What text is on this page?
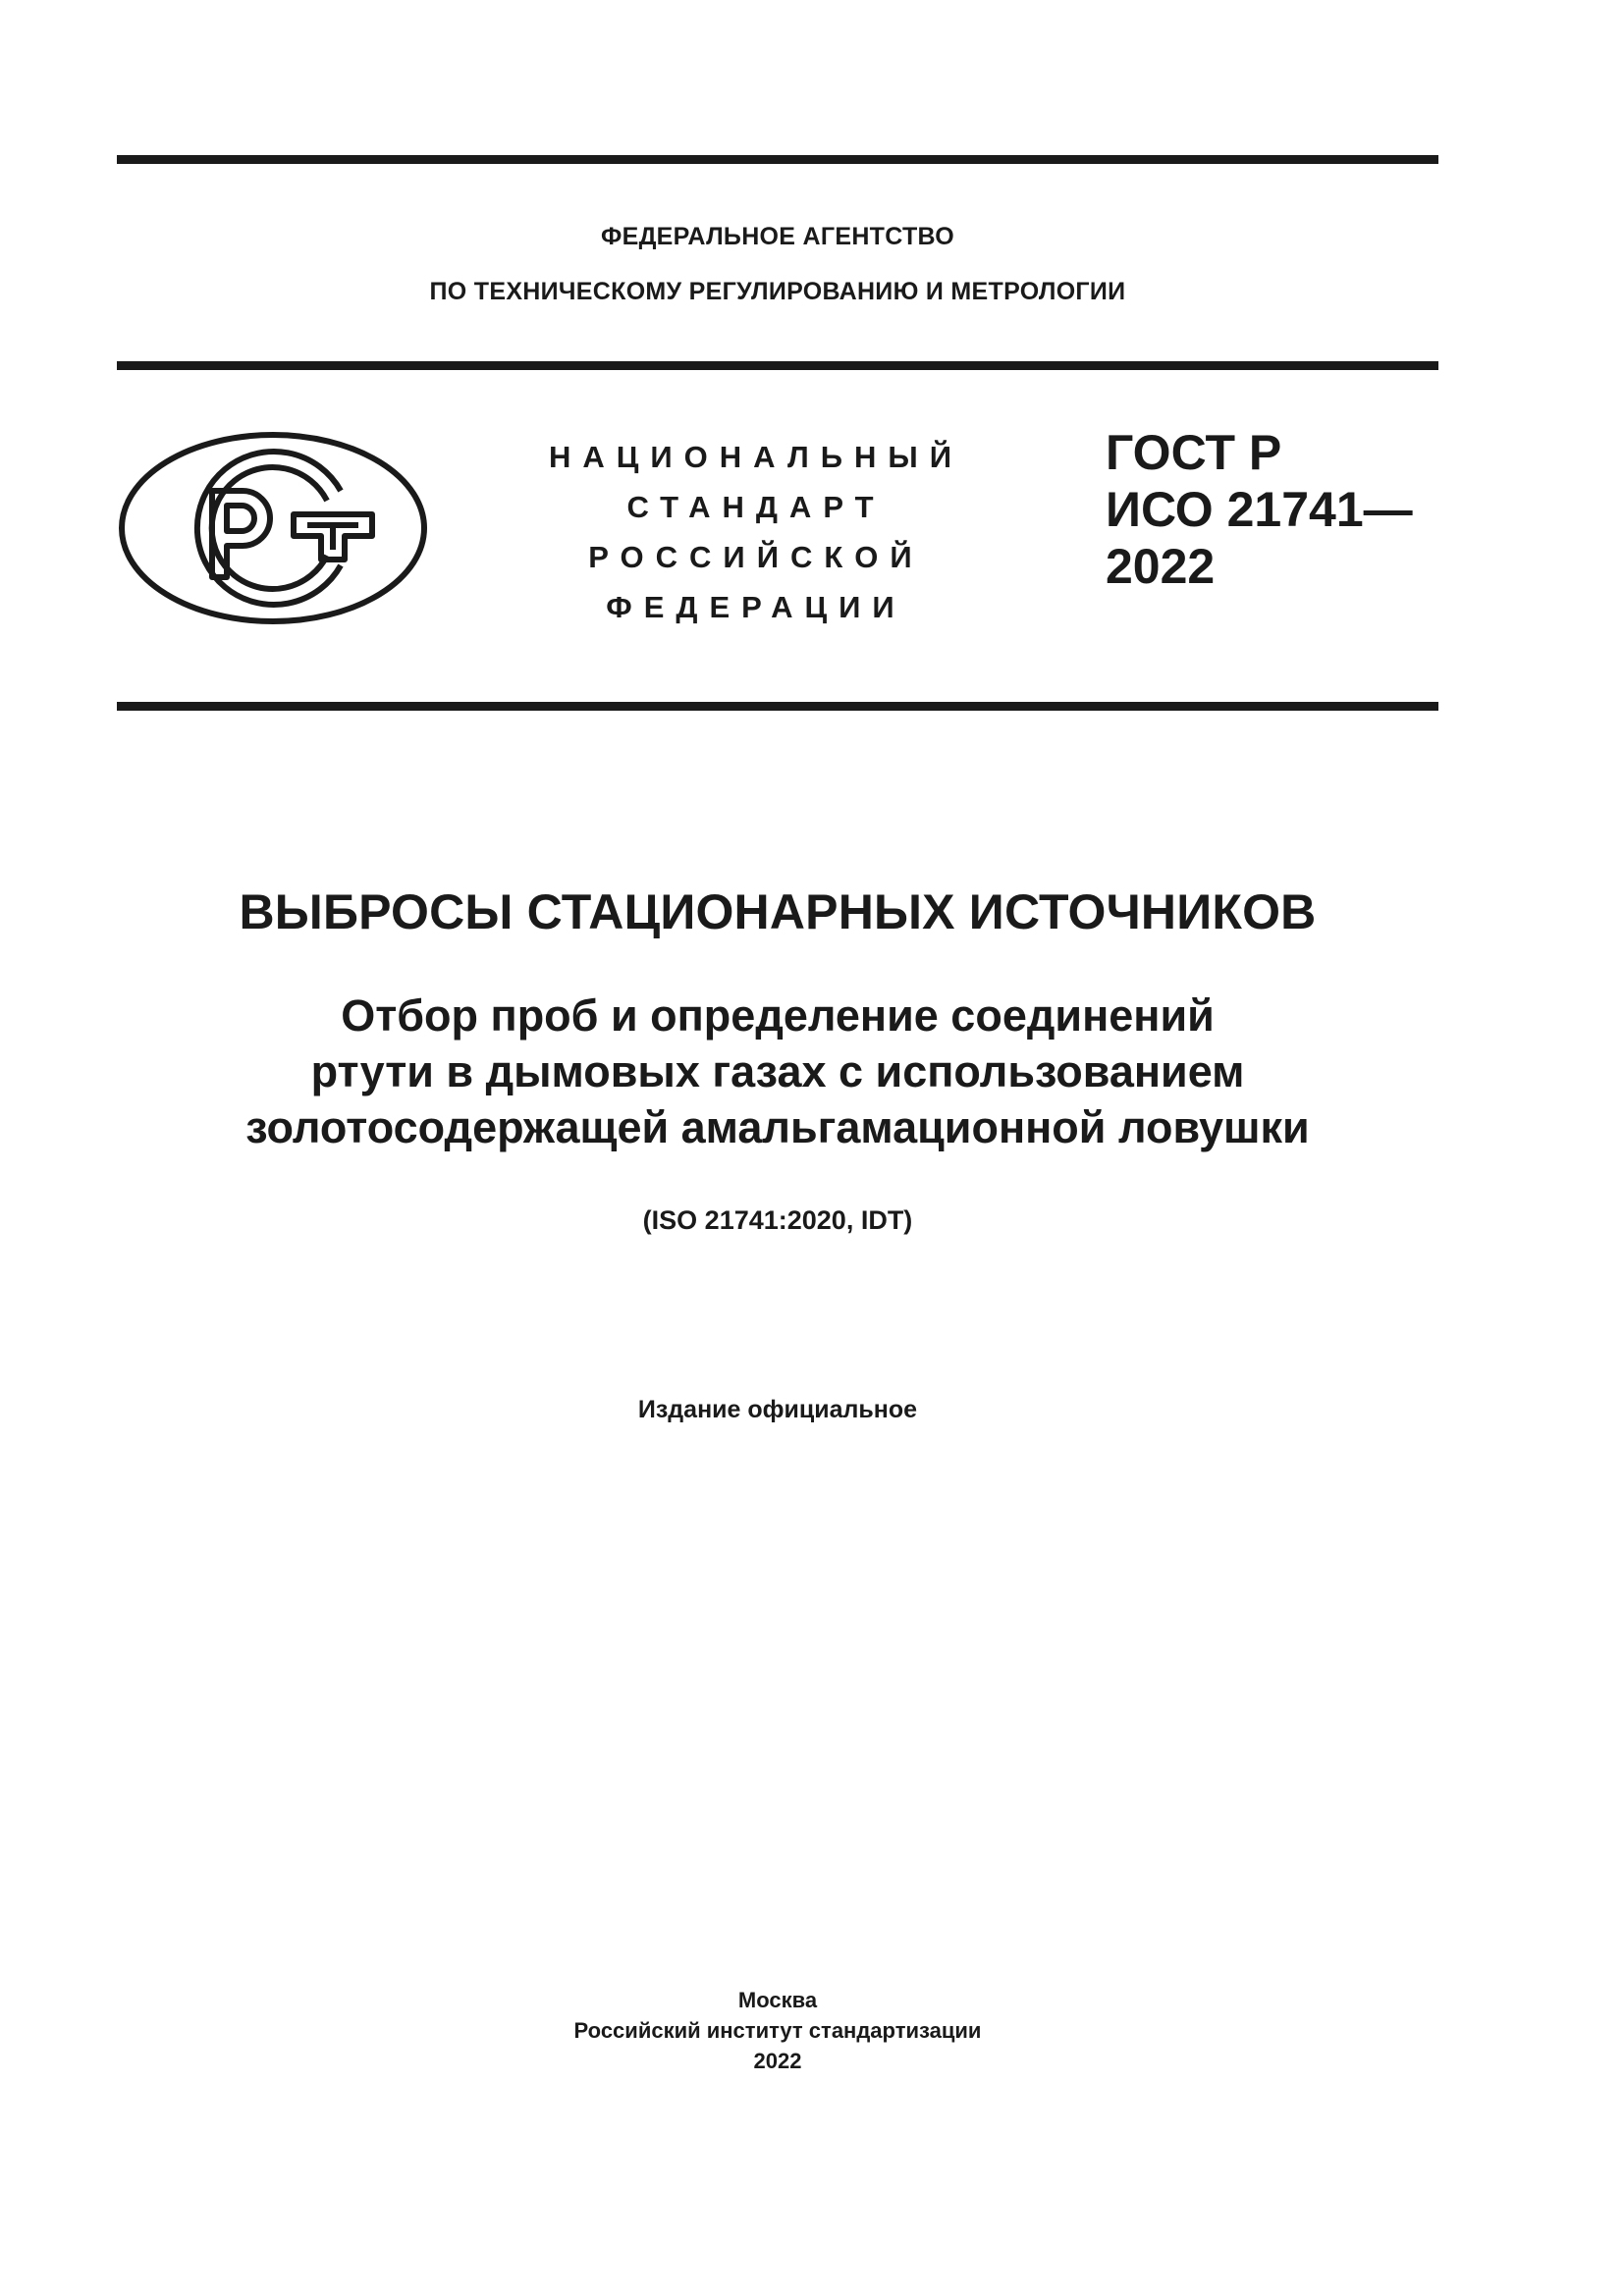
ФЕДЕРАЛЬНОЕ АГЕНТСТВО
ПО ТЕХНИЧЕСКОМУ РЕГУЛИРОВАНИЮ И МЕТРОЛОГИИ
НАЦИОНАЛЬНЫЙ
СТАНДАРТ
РОССИЙСКОЙ
ФЕДЕРАЦИИ
ГОСТ Р
ИСО 21741—
2022
ВЫБРОСЫ СТАЦИОНАРНЫХ ИСТОЧНИКОВ
Отбор проб и определение соединений
ртути в дымовых газах с использованием
золотосодержащей амальгамационной ловушки
(ISO 21741:2020, IDT)
Издание официальное
Москва
Российский институт стандартизации
2022
